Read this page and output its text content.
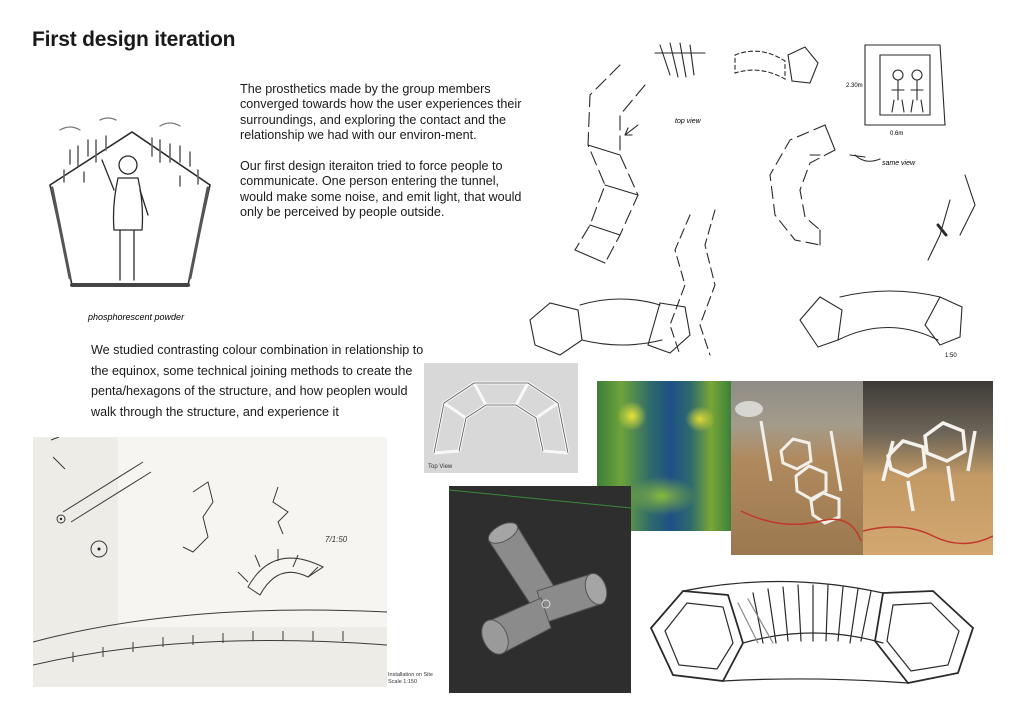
First design iteration

The prosthetics made by the group members converged towards how the user experiences their surroundings, and exploring the contact and the relationship we had with our environ-ment.

Our first design iteraiton tried to force people to communicate. One person entering the tunnel, would make some noise, and emit light, that would only be perceived by people outside.

We studied contrasting colour combination in relationship to the equinox, some technical joining methods to create the penta/hexagons of the structure, and how peoplen would walk through the structure, and experience it
phosphorescent powder
top view
same view
0.6m
2.30m
1:50
Top View
7/1:50
Installation on Site
Scale 1:150
